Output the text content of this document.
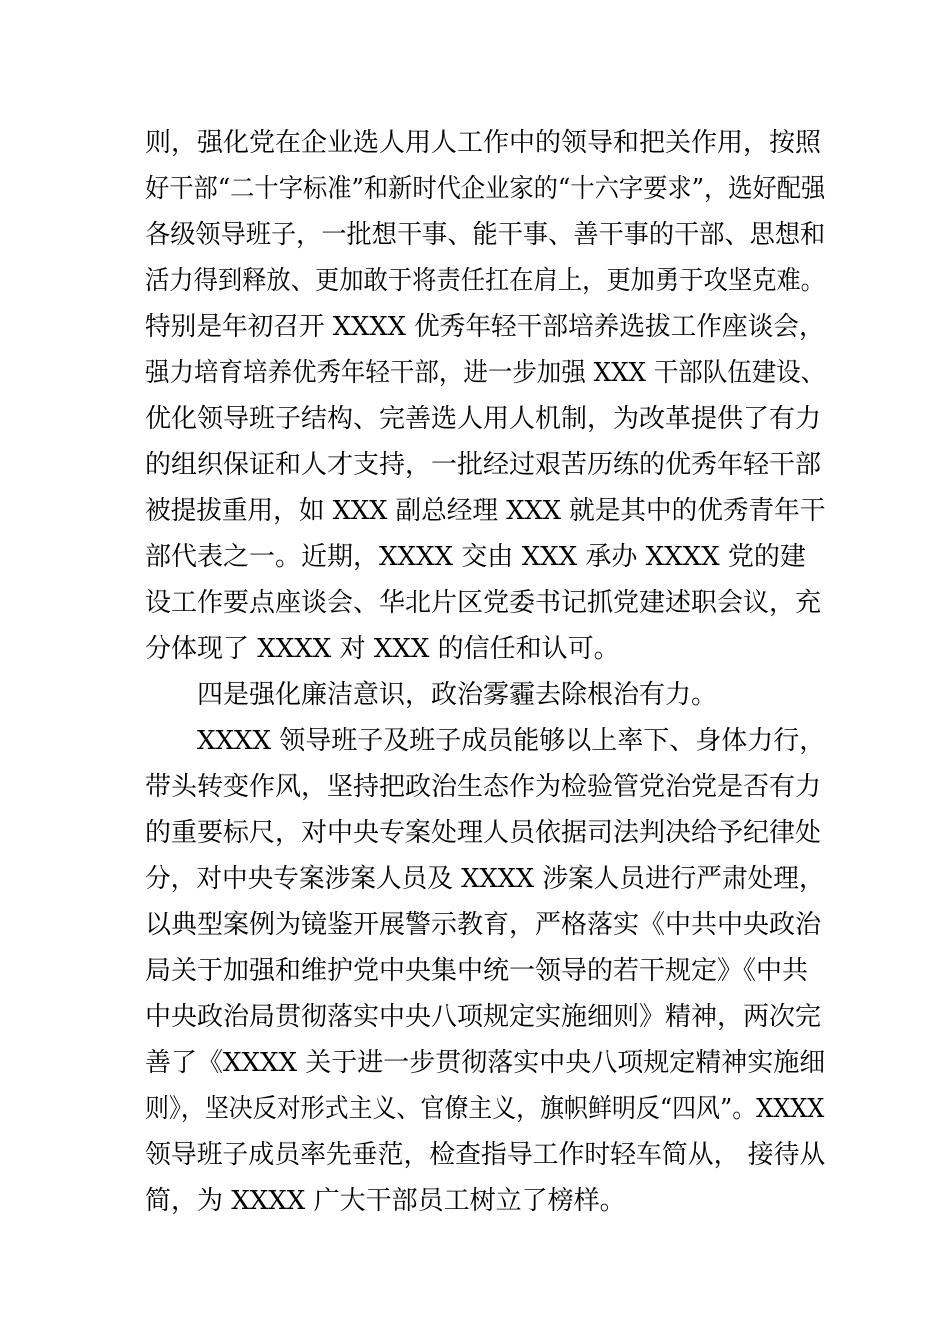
则，强化党在企业选人用人工作中的领导和把关作用，按照
好干部“二十字标准”和新时代企业家的“十六字要求”，选好配强
各级领导班子，一批想干事、能干事、善干事的干部、思想和
活力得到释放、更加敢于将责任扛在肩上，更加勇于攻坚克难。
特别是年初召开 XXXX 优秀年轻干部培养选拔工作座谈会，
强力培育培养优秀年轻干部，进一步加强 XXX 干部队伍建设、
优化领导班子结构、完善选人用人机制，为改革提供了有力
的组织保证和人才支持，一批经过艰苦历练的优秀年轻干部
被提拔重用，如 XXX 副总经理 XXX 就是其中的优秀青年干
部代表之一。近期，XXXX 交由 XXX 承办 XXXX 党的建
设工作要点座谈会、华北片区党委书记抓党建述职会议，充
分体现了 XXXX 对 XXX 的信任和认可。
四是强化廉洁意识，政治雾霾去除根治有力。
XXXX 领导班子及班子成员能够以上率下、身体力行，
带头转变作风，坚持把政治生态作为检验管党治党是否有力
的重要标尺，对中央专案处理人员依据司法判决给予纪律处
分，对中央专案涉案人员及 XXXX 涉案人员进行严肃处理，
以典型案例为镜鉴开展警示教育，严格落实《中共中央政治
局关于加强和维护党中央集中统一领导的若干规定》《中共
中央政治局贯彻落实中央八项规定实施细则》精神，两次完
善了《XXXX 关于进一步贯彻落实中央八项规定精神实施细
则》，坚决反对形式主义、官僚主义，旗帜鲜明反“四风”。XXXX
领导班子成员率先垂范，检查指导工作时轻车简从， 接待从
简，为 XXXX 广大干部员工树立了榜样。
